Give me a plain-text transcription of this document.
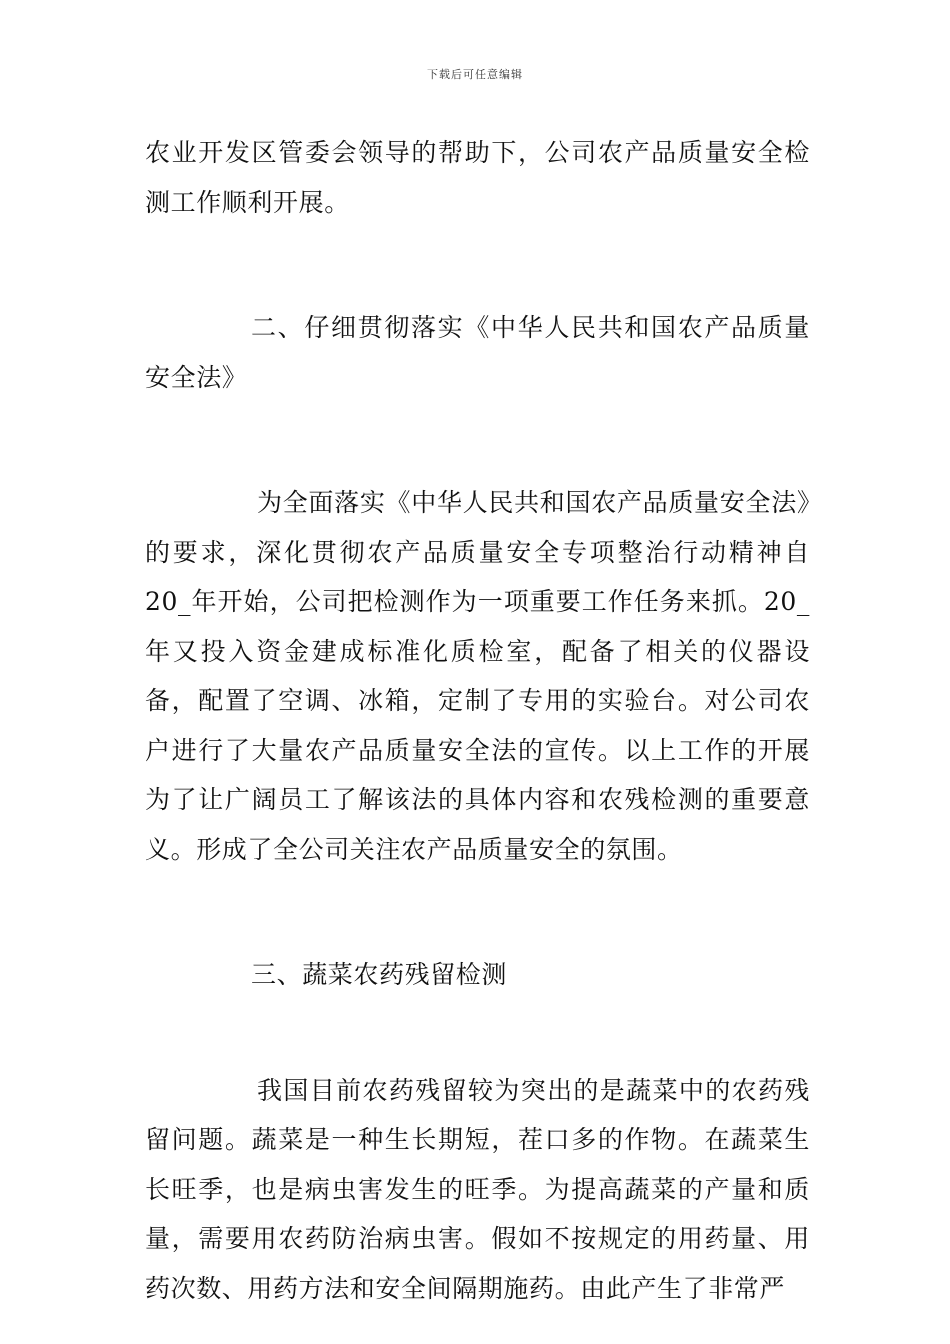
下载后可任意编辑

农业开发区管委会领导的帮助下，公司农产品质量安全检测工作顺利开展。

二、仔细贯彻落实《中华人民共和国农产品质量安全法》

为全面落实《中华人民共和国农产品质量安全法》的要求，深化贯彻农产品质量安全专项整治行动精神自 20_年开始，公司把检测作为一项重要工作任务来抓。20_年又投入资金建成标准化质检室，配备了相关的仪器设备，配置了空调、冰箱，定制了专用的实验台。对公司农户进行了大量农产品质量安全法的宣传。以上工作的开展为了让广阔员工了解该法的具体内容和农残检测的重要意义。形成了全公司关注农产品质量安全的氛围。

三、蔬菜农药残留检测

我国目前农药残留较为突出的是蔬菜中的农药残留问题。蔬菜是一种生长期短，茬口多的作物。在蔬菜生长旺季，也是病虫害发生的旺季。为提高蔬菜的产量和质量，需要用农药防治病虫害。假如不按规定的用药量、用药次数、用药方法和安全间隔期施药。由此产生了非常严
